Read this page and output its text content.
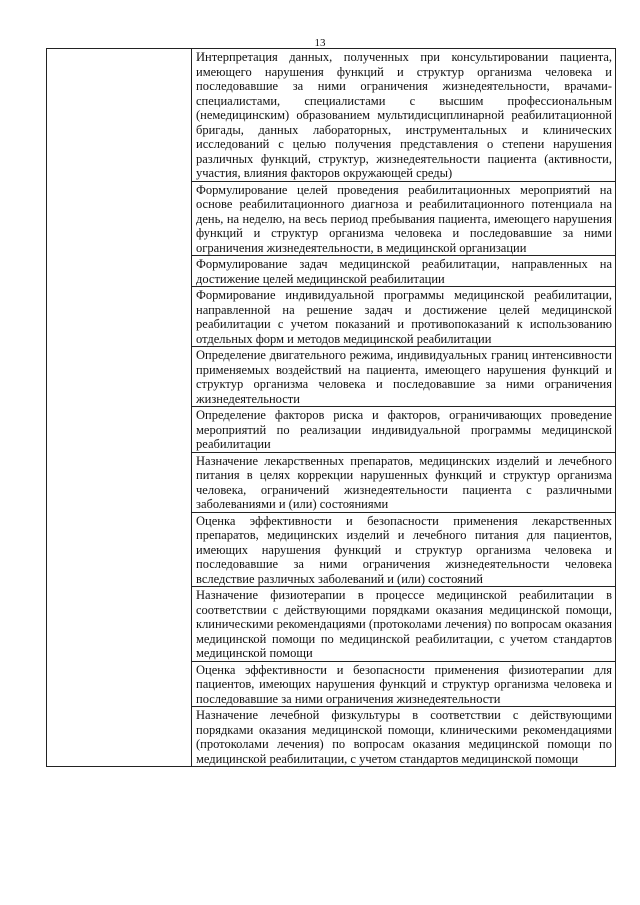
13

Интерпретация данных, полученных при консультировании пациента, имеющего нарушения функций и структур организма человека и последовавшие за ними ограничения жизнедеятельности, врачами-специалистами, специалистами с высшим профессиональным (немедицинским) образованием мультидисциплинарной реабилитационной бригады, данных лабораторных, инструментальных и клинических исследований с целью получения представления о степени нарушения различных функций, структур, жизнедеятельности пациента (активности, участия, влияния факторов окружающей среды)

Формулирование целей проведения реабилитационных мероприятий на основе реабилитационного диагноза и реабилитационного потенциала на день, на неделю, на весь период пребывания пациента, имеющего нарушения функций и структур организма человека и последовавшие за ними ограничения жизнедеятельности, в медицинской организации

Формулирование задач медицинской реабилитации, направленных на достижение целей медицинской реабилитации

Формирование индивидуальной программы медицинской реабилитации, направленной на решение задач и достижение целей медицинской реабилитации с учетом показаний и противопоказаний к использованию отдельных форм и методов медицинской реабилитации

Определение двигательного режима, индивидуальных границ интенсивности применяемых воздействий на пациента, имеющего нарушения функций и структур организма человека и последовавшие за ними ограничения жизнедеятельности

Определение факторов риска и факторов, ограничивающих проведение мероприятий по реализации индивидуальной программы медицинской реабилитации

Назначение лекарственных препаратов, медицинских изделий и лечебного питания в целях коррекции нарушенных функций и структур организма человека, ограничений жизнедеятельности пациента с различными заболеваниями и (или) состояниями

Оценка эффективности и безопасности применения лекарственных препаратов, медицинских изделий и лечебного питания для пациентов, имеющих нарушения функций и структур организма человека и последовавшие за ними ограничения жизнедеятельности человека вследствие различных заболеваний и (или) состояний

Назначение физиотерапии в процессе медицинской реабилитации в соответствии с действующими порядками оказания медицинской помощи, клиническими рекомендациями (протоколами лечения) по вопросам оказания медицинской помощи по медицинской реабилитации, с учетом стандартов медицинской помощи

Оценка эффективности и безопасности применения физиотерапии для пациентов, имеющих нарушения функций и структур организма человека и последовавшие за ними ограничения жизнедеятельности

Назначение лечебной физкультуры в соответствии с действующими порядками оказания медицинской помощи, клиническими рекомендациями (протоколами лечения) по вопросам оказания медицинской помощи по медицинской реабилитации, с учетом стандартов медицинской помощи
